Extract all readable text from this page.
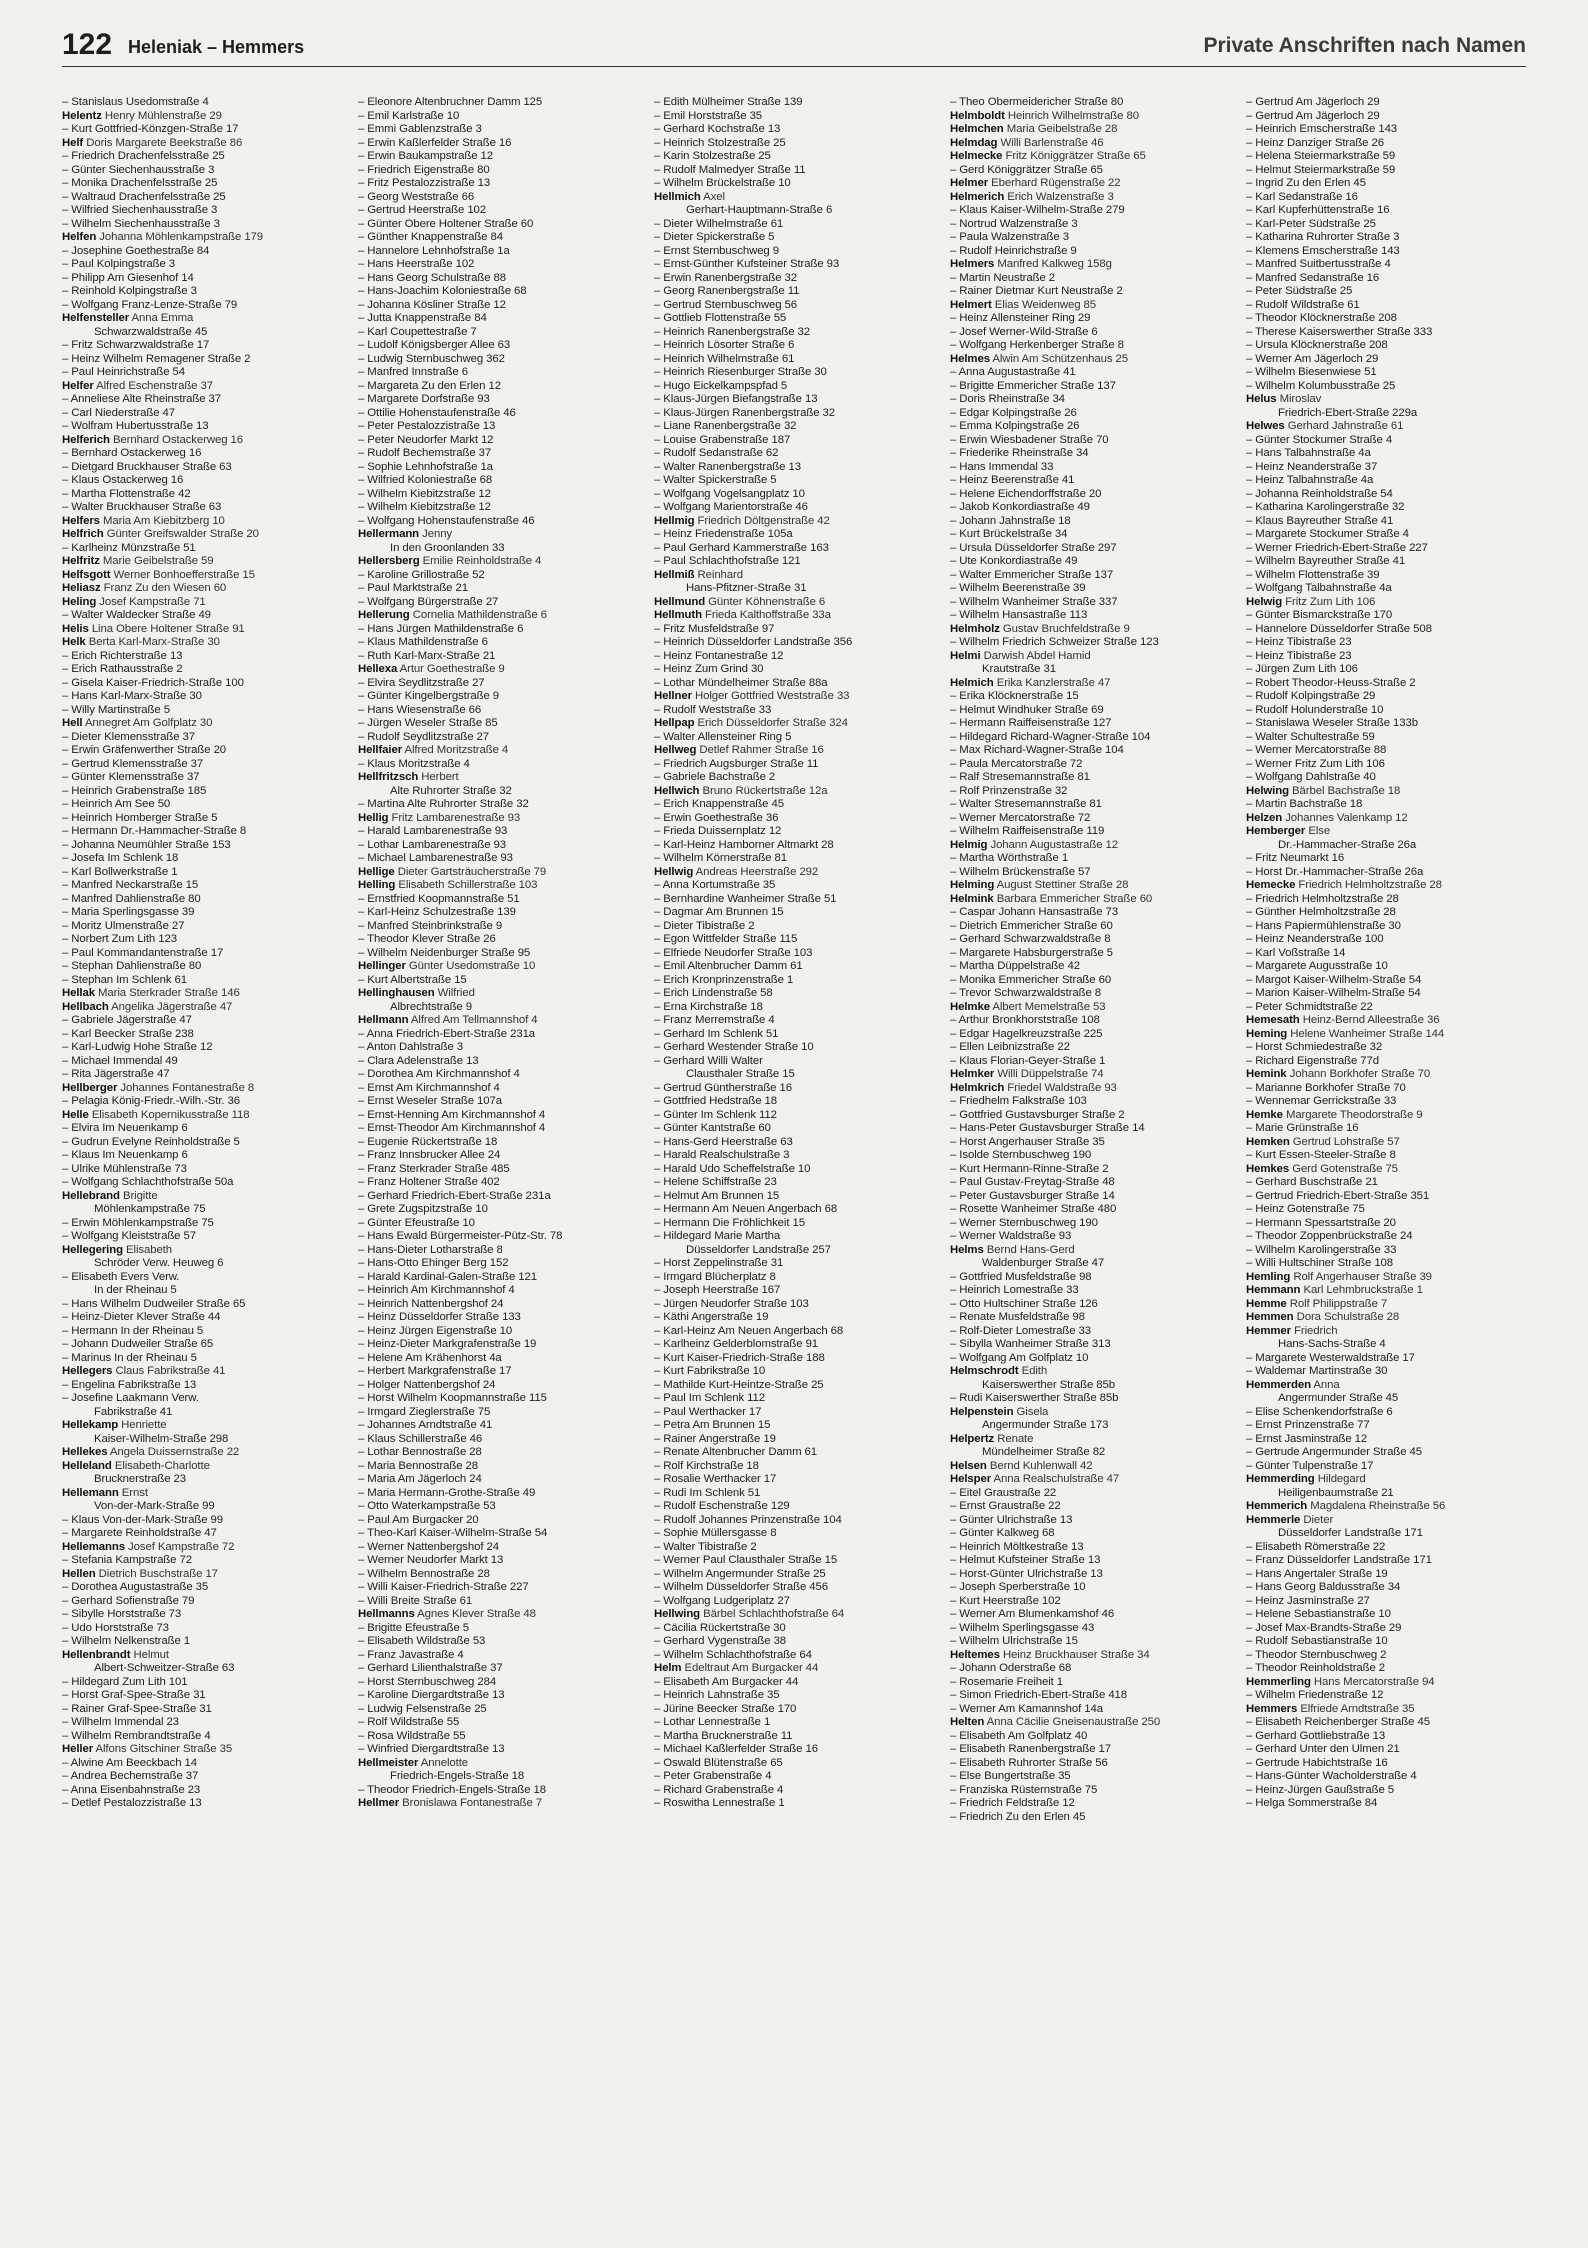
122 Heleniak – Hemmers	Private Anschriften nach Namen
– Stanislaus Usedomstraße 4
Helentz Henry Mühlenstraße 29
– Kurt Gottfried-Könzgen-Straße 17
Helf Doris Margarete Beekstraße 86
– Friedrich Drachenfelsstraße 25
– Günter Siechenhausstraße 3
– Monika Drachenfelsstraße 25
– Waltraud Drachenfelsstraße 25
– Wilfried Siechenhausstraße 3
– Wilhelm Siechenhausstraße 3
Helfen Johanna Möhlenkampstraße 179
– Josephine Goethestraße 84
– Paul Kolpingstraße 3
– Philipp Am Giesenhof 14
– Reinhold Kolpingstraße 3
– Wolfgang Franz-Lenze-Straße 79
Helfensteller Anna Emma
Schwarzwaldstraße 45
– Fritz Schwarzwaldstraße 17
– Heinz Wilhelm Remagener Straße 2
– Paul Heinrichstraße 54
Helfer Alfred Eschenstraße 37
– Anneliese Alte Rheinstraße 37
– Carl Niederstraße 47
– Wolfram Hubertusstraße 13
Helferich Bernhard Ostackerweg 16
– Bernhard Ostackerweg 16
– Dietgard Bruckhauser Straße 63
– Klaus Ostackerweg 16
– Martha Flottenstraße 42
– Walter Bruckhauser Straße 63
Helfers Maria Am Kiebitzberg 10
Helfrich Günter Greifswalder Straße 20
– Karlheinz Münzstraße 51
Helfritz Marie Geibelstraße 59
Helfsgott Werner Bonhoefferstraße 15
Heliasz Franz Zu den Wiesen 60
Heling Josef Kampstraße 71
– Walter Waldecker Straße 49
Helis Lina Obere Holtener Straße 91
Helk Berta Karl-Marx-Straße 30
– Erich Richterstraße 13
– Erich Rathausstraße 2
– Gisela Kaiser-Friedrich-Straße 100
– Hans Karl-Marx-Straße 30
– Willy Martinstraße 5
Hell Annegret Am Golfplatz 30
– Dieter Klemensstraße 37
– Erwin Gräfenwerther Straße 20
– Gertrud Klemensstraße 37
– Günter Klemensstraße 37
– Heinrich Grabenstraße 185
– Heinrich Am See 50
– Heinrich Homberger Straße 5
– Hermann Dr.-Hammacher-Straße 8
– Johanna Neumühler Straße 153
– Josefa Im Schlenk 18
– Karl Bollwerkstraße 1
– Manfred Neckarstraße 15
– Manfred Dahlienstraße 80
– Maria Sperlingsgasse 39
– Moritz Ulmenstraße 27
– Norbert Zum Lith 123
– Paul Kommandantenstraße 17
– Stephan Dahlienstraße 80
– Stephan Im Schlenk 61
Hellak Maria Sterkrader Straße 146
Hellbach Angelika Jägerstraße 47
– Gabriele Jägerstraße 47
– Karl Beecker Straße 238
– Karl-Ludwig Hohe Straße 12
– Michael Immendal 49
– Rita Jägerstraße 47
Hellberger Johannes Fontanestraße 8
– Pelagia König-Friedr.-Wilh.-Str. 36
Helle Elisabeth Kopernikusstraße 118
– Elvira Im Neuenkamp 6
– Gudrun Evelyne Reinholdstraße 5
– Klaus Im Neuenkamp 6
– Ulrike Mühlenstraße 73
– Wolfgang Schlachthofstraße 50a
Hellebrand Brigitte
Möhlenkampstraße 75
– Erwin Möhlenkampstraße 75
– Wolfgang Kleiststraße 57
Hellegering Elisabeth
Schröder Verw. Heuweg 6
– Elisabeth Evers Verw.
In der Rheinau 5
– Hans Wilhelm Dudweiler Straße 65
– Heinz-Dieter Klever Straße 44
– Hermann In der Rheinau 5
– Johann Dudweiler Straße 65
– Marinus In der Rheinau 5
Hellegers Claus Fabrikstraße 41
– Engelina Fabrikstraße 13
– Josefine Laakmann Verw.
Fabrikstraße 41
Hellekamp Henriette
Kaiser-Wilhelm-Straße 298
Hellekes Angela Duissernstraße 22
Helleland Elisabeth-Charlotte
Brucknerstraße 23
Hellemann Ernst
Von-der-Mark-Straße 99
– Klaus Von-der-Mark-Straße 99
– Margarete Reinholdstraße 47
Hellemanns Josef Kampstraße 72
– Stefania Kampstraße 72
Hellen Dietrich Buschstraße 17
– Dorothea Augustastraße 35
– Gerhard Sofienstraße 79
– Sibylle Horststraße 73
– Udo Horststraße 73
– Wilhelm Nelkenstraße 1
Hellenbrandt Helmut
Albert-Schweitzer-Straße 63
– Hildegard Zum Lith 101
– Horst Graf-Spee-Straße 31
– Rainer Graf-Spee-Straße 31
– Wilhelm Immendal 23
– Wilhelm Rembrandtstraße 4
Heller Alfons Gitschiner Straße 35
– Alwine Am Beeckbach 14
– Andrea Bechemstraße 37
– Anna Eisenbahnstraße 23
– Detlef Pestalozzistraße 13
– Eleonore Altenbruchner Damm 125
– Emil Karlstraße 10
– Emmi Gablenzstraße 3
– Erwin Kaßlerfelder Straße 16
– Erwin Baukampstraße 12
– Friedrich Eigenstraße 80
– Fritz Pestalozzistraße 13
– Georg Weststraße 66
– Gertrud Heerstraße 102
– Günter Obere Holtener Straße 60
– Günther Knappenstraße 84
– Hannelore Lehnhofstraße 1a
– Hans Heerstraße 102
– Hans Georg Schulstraße 88
– Hans-Joachim Koloniestraße 68
– Johanna Kösliner Straße 12
– Jutta Knappenstraße 84
– Karl Coupettestraße 7
– Ludolf Königsberger Allee 63
– Ludwig Sternbuschweg 362
– Manfred Innstraße 6
– Margareta Zu den Erlen 12
– Margarete Dorfstraße 93
– Ottilie Hohenstaufenstraße 46
– Peter Pestalozzistraße 13
– Peter Neudorfer Markt 12
– Rudolf Bechemstraße 37
– Sophie Lehnhofstraße 1a
– Wilfried Koloniestraße 68
– Wilhelm Kiebitzstraße 12
– Wilhelm Kiebitzstraße 12
– Wolfgang Hohenstaufenstraße 46
Hellermann Jenny
In den Groonlanden 33
Hellersberg Emilie Reinholdstraße 4
– Karoline Grillostraße 52
– Paul Marktstraße 21
– Wolfgang Bürgerstraße 27
Hellerung Cornelia Mathildenstraße 6
– Hans Jürgen Mathildenstraße 6
– Klaus Mathildenstraße 6
– Ruth Karl-Marx-Straße 21
Hellexa Artur Goethestraße 9
– Elvira Seydlitzstraße 27
– Günter Kingelbergstraße 9
– Hans Wiesenstraße 66
– Jürgen Weseler Straße 85
– Rudolf Seydlitzstraße 27
Hellfaier Alfred Moritzstraße 4
– Klaus Moritzstraße 4
Hellfritzsch Herbert
Alte Ruhrorter Straße 32
– Martina Alte Ruhrorter Straße 32
Hellig Fritz Lambarenestraße 93
– Harald Lambarenestraße 93
– Lothar Lambarenestraße 93
– Michael Lambarenestraße 93
Hellige Dieter Gartsträucherstraße 79
Helling Elisabeth Schillerstraße 103
– Ernstfried Koopmannstraße 51
– Karl-Heinz Schulzestraße 139
– Manfred Steinbrinkstraße 9
– Theodor Klever Straße 26
– Wilhelm Neidenburger Straße 95
Hellinger Günter Usedomstraße 10
– Kurt Albertstraße 15
Hellinghausen Wilfried
Albrechtstraße 9
Hellmann Alfred Am Tellmannshof 4
– Anna Friedrich-Ebert-Straße 231a
– Anton Dahlstraße 3
– Clara Adelenstraße 13
– Dorothea Am Kirchmannshof 4
– Ernst Am Kirchmannshof 4
– Ernst Weseler Straße 107a
– Ernst-Henning Am Kirchmannshof 4
– Ernst-Theodor Am Kirchmannshof 4
– Eugenie Rückertstraße 18
– Franz Innsbrucker Allee 24
– Franz Sterkrader Straße 485
– Franz Holtener Straße 402
– Gerhard Friedrich-Ebert-Straße 231a
– Grete Zugspitzstraße 10
– Günter Efeustraße 10
– Hans Ewald Bürgermeister-Pütz-Str. 78
– Hans-Dieter Lotharstraße 8
– Hans-Otto Ehinger Berg 152
– Harald Kardinal-Galen-Straße 121
– Heinrich Am Kirchmannshof 4
– Heinrich Nattenbergshof 24
– Heinz Düsseldorfer Straße 133
– Heinz Jürgen Eigenstraße 10
– Heinz-Dieter Markgrafenstraße 19
– Helene Am Krähenhorst 4a
– Herbert Markgrafenstraße 17
– Holger Nattenbergshof 24
– Horst Wilhelm Koopmannstraße 115
– Irmgard Zieglerstraße 75
– Johannes Arndtstraße 41
– Klaus Schillerstraße 46
– Lothar Bennostraße 28
– Maria Bennostraße 28
– Maria Am Jägerloch 24
– Maria Hermann-Grothe-Straße 49
– Otto Waterkampstraße 53
– Paul Am Burgacker 20
– Theo-Karl Kaiser-Wilhelm-Straße 54
– Werner Nattenbergshof 24
– Werner Neudorfer Markt 13
– Wilhelm Bennostraße 28
– Willi Kaiser-Friedrich-Straße 227
– Willi Breite Straße 61
Hellmanns Agnes Klever Straße 48
– Brigitte Efeustraße 5
– Elisabeth Wildstraße 53
– Franz Javastraße 4
– Gerhard Lilienthalstraße 37
– Horst Sternbuschweg 284
– Karoline Diergardtstraße 13
– Ludwig Felsenstraße 25
– Rolf Wildstraße 55
– Rosa Wildstraße 55
– Winfried Diergardtstraße 13
Hellmeister Annelotte
Friedrich-Engels-Straße 18
– Theodor Friedrich-Engels-Straße 18
Hellmer Bronislawa Fontanestraße 7
– Edith Mülheimer Straße 139
– Emil Horststraße 35
– Gerhard Kochstraße 13
– Heinrich Stolzestraße 25
– Karin Stolzestraße 25
– Rudolf Malmedyer Straße 11
– Wilhelm Brückelstraße 10
Hellmich Axel
Gerhart-Hauptmann-Straße 6
– Dieter Wilhelmstraße 61
– Dieter Spickerstraße 5
– Ernst Sternbuschweg 9
– Ernst-Günther Kufsteiner Straße 93
– Erwin Ranenbergstraße 32
– Georg Ranenbergstraße 11
– Gertrud Sternbuschweg 56
– Gottlieb Flottenstraße 55
– Heinrich Ranenbergstraße 32
– Heinrich Lösorter Straße 6
– Heinrich Wilhelmstraße 61
– Heinrich Riesenburger Straße 30
– Hugo Eickelkampspfad 5
– Klaus-Jürgen Biefangstraße 13
– Klaus-Jürgen Ranenbergstraße 32
– Liane Ranenbergstraße 32
– Louise Grabenstraße 187
– Rudolf Sedanstraße 62
– Walter Ranenbergstraße 13
– Walter Spickerstraße 5
– Wolfgang Vogelsangplatz 10
– Wolfgang Marientorstraße 46
Hellmig Friedrich Döltgenstraße 42
– Heinz Friedenstraße 105a
– Paul Gerhard Kammerstraße 163
– Paul Schlachthofstraße 121
Hellmiß Reinhard
Hans-Pfitzner-Straße 31
Hellmund Günter Köhnenstraße 6
Hellmuth Frieda Kalthoffstraße 33a
– Fritz Musfeldstraße 97
– Heinrich Düsseldorfer Landstraße 356
– Heinz Fontanestraße 12
– Heinz Zum Grind 30
– Lothar Mündelheimer Straße 88a
Hellner Holger Gottfried Weststraße 33
– Rudolf Weststraße 33
Hellpap Erich Düsseldorfer Straße 324
– Walter Allensteiner Ring 5
Hellweg Detlef Rahmer Straße 16
– Friedrich Augsburger Straße 11
– Gabriele Bachstraße 2
Hellwich Bruno Rückertstraße 12a
– Erich Knappenstraße 45
– Erwin Goethestraße 36
– Frieda Duissernplatz 12
– Karl-Heinz Hamborner Altmarkt 28
– Wilhelm Körnerstraße 81
Hellwig Andreas Heerstraße 292
– Anna Kortumstraße 35
– Bernhardine Wanheimer Straße 51
– Dagmar Am Brunnen 15
– Dieter Tibistraße 2
– Egon Wittfelder Straße 115
– Elfriede Neudorfer Straße 103
– Emil Altenbrucher Damm 61
– Erich Kronprinzenstraße 1
– Erich Lindenstraße 58
– Erna Kirchstraße 18
– Franz Merremstraße 4
– Gerhard Im Schlenk 51
– Gerhard Westender Straße 10
– Gerhard Willi Walter
Clausthaler Straße 15
– Gertrud Güntherstraße 16
– Gottfried Hedstraße 18
– Günter Im Schlenk 112
– Günter Kantstraße 60
– Hans-Gerd Heerstraße 63
– Harald Realschulstraße 3
– Harald Udo Scheffelstraße 10
– Helene Schiffstraße 23
– Helmut Am Brunnen 15
– Hermann Am Neuen Angerbach 68
– Hermann Die Fröhlichkeit 15
– Hildegard Marie Martha
Düsseldorfer Landstraße 257
– Horst Zeppelinstraße 31
– Irmgard Blücherplatz 8
– Joseph Heerstraße 167
– Jürgen Neudorfer Straße 103
– Käthi Angerstraße 19
– Karl-Heinz Am Neuen Angerbach 68
– Karlheinz Gelderblomstraße 91
– Kurt Kaiser-Friedrich-Straße 188
– Kurt Fabrikstraße 10
– Mathilde Kurt-Heintze-Straße 25
– Paul Im Schlenk 112
– Paul Werthacker 17
– Petra Am Brunnen 15
– Rainer Angerstraße 19
– Renate Altenbrucher Damm 61
– Rolf Kirchstraße 18
– Rosalie Werthacker 17
– Rudi Im Schlenk 51
– Rudolf Eschenstraße 129
– Rudolf Johannes Prinzenstraße 104
– Sophie Müllersgasse 8
– Walter Tibistraße 2
– Werner Paul Clausthaler Straße 15
– Wilhelm Angermunder Straße 25
– Wilhelm Düsseldorfer Straße 456
– Wolfgang Ludgeriplatz 27
Hellwing Bärbel Schlachthofstraße 64
– Cäcilia Rückertstraße 30
– Gerhard Vygenstraße 38
– Wilhelm Schlachthofstraße 64
Helm Edeltraut Am Burgacker 44
– Elisabeth Am Burgacker 44
– Heinrich Lahnstraße 35
– Jürine Beecker Straße 170
– Lothar Lennestraße 1
– Martha Brucknerstraße 11
– Michael Kaßlerfelder Straße 16
– Oswald Blütenstraße 65
– Peter Grabenstraße 4
– Richard Grabenstraße 4
– Roswitha Lennestraße 1
– Theo Obermeidericher Straße 80
Helmboldt Heinrich Wilhelmstraße 80
Helmchen Maria Geibelstraße 28
Helmdag Willi Barlenstraße 46
Helmecke Fritz Königgrätzer Straße 65
– Gerd Königgrätzer Straße 65
Helmer Eberhard Rügenstraße 22
Helmerich Erich Walzenstraße 3
– Klaus Kaiser-Wilhelm-Straße 279
– Nortrud Walzenstraße 3
– Paula Walzenstraße 3
– Rudolf Heinrichstraße 9
Helmers Manfred Kalkweg 158g
– Martin Neustraße 2
– Rainer Dietmar Kurt Neustraße 2
Helmert Elias Weidenweg 85
– Heinz Allensteiner Ring 29
– Josef Werner-Wild-Straße 6
– Wolfgang Herkenberger Straße 8
Helmes Alwin Am Schützenhaus 25
– Anna Augustastraße 41
– Brigitte Emmericher Straße 137
– Doris Rheinstraße 34
– Edgar Kolpingstraße 26
– Emma Kolpingstraße 26
– Erwin Wiesbadener Straße 70
– Friederike Rheinstraße 34
– Hans Immendal 33
– Heinz Beerenstraße 41
– Helene Eichendorffstraße 20
– Jakob Konkordiastraße 49
– Johann Jahnstraße 18
– Kurt Brückelstraße 34
– Ursula Düsseldorfer Straße 297
– Ute Konkordiastraße 49
– Walter Emmericher Straße 137
– Wilhelm Beerenstraße 39
– Wilhelm Wanheimer Straße 337
– Wilhelm Hansastraße 113
Helmholz Gustav Bruchfeldstraße 9
– Wilhelm Friedrich Schweizer Straße 123
Helmi Darwish Abdel Hamid
Krautstraße 31
Helmich Erika Kanzlerstraße 47
– Erika Klöcknerstraße 15
– Helmut Windhuker Straße 69
– Hermann Raiffeisenstraße 127
– Hildegard Richard-Wagner-Straße 104
– Max Richard-Wagner-Straße 104
– Paula Mercatorstraße 72
– Ralf Stresemannstraße 81
– Rolf Prinzenstraße 32
– Walter Stresemannstraße 81
– Werner Mercatorstraße 72
– Wilhelm Raiffeisenstraße 119
Helmig Johann Augustastraße 12
– Martha Wörthstraße 1
– Wilhelm Brückenstraße 57
Helming August Stettiner Straße 28
Helmink Barbara Emmericher Straße 60
– Caspar Johann Hansastraße 73
– Dietrich Emmericher Straße 60
– Gerhard Schwarzwaldstraße 8
– Margarete Habsburgerstraße 5
– Martha Düppelstraße 42
– Monika Emmericher Straße 60
– Trevor Schwarzwaldstraße 8
Helmke Albert Memelstraße 53
– Arthur Bronkhorststraße 108
– Edgar Hagelkreuzstraße 225
– Ellen Leibnizstraße 22
– Klaus Florian-Geyer-Straße 1
Helmker Willi Düppelstraße 74
Helmkrich Friedel Waldstraße 93
– Friedhelm Falkstraße 103
– Gottfried Gustavsburger Straße 2
– Hans-Peter Gustavsburger Straße 14
– Horst Angerhauser Straße 35
– Isolde Sternbuschweg 190
– Kurt Hermann-Rinne-Straße 2
– Paul Gustav-Freytag-Straße 48
– Peter Gustavsburger Straße 14
– Rosette Wanheimer Straße 480
– Werner Sternbuschweg 190
– Werner Waldstraße 93
Helms Bernd Hans-Gerd
Waldenburger Straße 47
– Gottfried Musfeldstraße 98
– Heinrich Lomestraße 33
– Otto Hultschiner Straße 126
– Renate Musfeldstraße 98
– Rolf-Dieter Lomestraße 33
– Sibylla Wanheimer Straße 313
– Wolfgang Am Golfplatz 10
Helmschrodt Edith
Kaiserswerther Straße 85b
– Rudi Kaiserswerther Straße 85b
Helpenstein Gisela
Angermunder Straße 173
Helpertz Renate
Mündelheimer Straße 82
Helsen Bernd Kuhlenwall 42
Helsper Anna Realschulstraße 47
– Eitel Graustraße 22
– Ernst Graustraße 22
– Günter Ulrichstraße 13
– Günter Kalkweg 68
– Heinrich Möltkestraße 13
– Helmut Kufsteiner Straße 13
– Horst-Günter Ulrichstraße 13
– Joseph Sperberstraße 10
– Kurt Heerstraße 102
– Werner Am Blumenkamshof 46
– Wilhelm Sperlingsgasse 43
– Wilhelm Ulrichstraße 15
Heltemes Heinz Bruckhauser Straße 34
– Johann Oderstraße 68
– Rosemarie Freiheit 1
– Simon Friedrich-Ebert-Straße 418
– Werner Am Kamannshof 14a
Helten Anna Cäcilie Gneisenaustraße 250
– Elisabeth Am Golfplatz 40
– Elisabeth Ranenbergstraße 17
– Elisabeth Ruhrorter Straße 56
– Else Bungertstraße 35
– Franziska Rüsternstraße 75
– Friedrich Feldstraße 12
– Friedrich Zu den Erlen 45
– Gertrud Am Jägerloch 29
– Gertrud Am Jägerloch 29
– Heinrich Emscherstraße 143
– Heinz Danziger Straße 26
– Helena Steiermarkstraße 59
– Helmut Steiermarkstraße 59
– Ingrid Zu den Erlen 45
– Karl Sedanstraße 16
– Karl Kupferhüttenstraße 16
– Karl-Peter Südstraße 25
– Katharina Ruhrorter Straße 3
– Klemens Emscherstraße 143
– Manfred Suitbertusstraße 4
– Manfred Sedanstraße 16
– Peter Südstraße 25
– Rudolf Wildstraße 61
– Theodor Klöcknerstraße 208
– Therese Kaiserswerther Straße 333
– Ursula Klöcknerstraße 208
– Werner Am Jägerloch 29
– Wilhelm Biesenwiese 51
– Wilhelm Kolumbusstraße 25
Helus Miroslav
Friedrich-Ebert-Straße 229a
Helwes Gerhard Jahnstraße 61
– Günter Stockumer Straße 4
– Hans Talbahnstraße 4a
– Heinz Neanderstraße 37
– Heinz Talbahnstraße 4a
– Johanna Reinholdstraße 54
– Katharina Karolingerstraße 32
– Klaus Bayreuther Straße 41
– Margarete Stockumer Straße 4
– Werner Friedrich-Ebert-Straße 227
– Wilhelm Bayreuther Straße 41
– Wilhelm Flottenstraße 39
– Wolfgang Talbahnstraße 4a
Helwig Fritz Zum Lith 106
– Günter Bismarckstraße 170
– Hannelore Düsseldorfer Straße 508
– Heinz Tibistraße 23
– Heinz Tibistraße 23
– Jürgen Zum Lith 106
– Robert Theodor-Heuss-Straße 2
– Rudolf Kolpingstraße 29
– Rudolf Holunderstraße 10
– Stanislawa Weseler Straße 133b
– Walter Schultestraße 59
– Werner Mercatorstraße 88
– Werner Fritz Zum Lith 106
– Wolfgang Dahlstraße 40
Helwing Bärbel Bachstraße 18
– Martin Bachstraße 18
Helzen Johannes Valenkamp 12
Hemberger Else
Dr.-Hammacher-Straße 26a
– Fritz Neumarkt 16
– Horst Dr.-Hammacher-Straße 26a
Hemecke Friedrich Helmholtzstraße 28
– Friedrich Helmholtzstraße 28
– Günther Helmholtzstraße 28
– Hans Papiermühlenstraße 30
– Heinz Neanderstraße 100
– Karl Voßstraße 14
– Margarete Augusstraße 10
– Margot Kaiser-Wilhelm-Straße 54
– Marion Kaiser-Wilhelm-Straße 54
– Peter Schmidtstraße 22
Hemesath Heinz-Bernd Alleestraße 36
Heming Helene Wanheimer Straße 144
– Horst Schmiedestraße 32
– Richard Eigenstraße 77d
Hemink Johann Borkhofer Straße 70
– Marianne Borkhofer Straße 70
– Wennemar Gerrickstraße 33
Hemke Margarete Theodorstraße 9
– Marie Grünstraße 16
Hemken Gertrud Lohstraße 57
– Kurt Essen-Steeler-Straße 8
Hemkes Gerd Gotenstraße 75
– Gerhard Buschstraße 21
– Gertrud Friedrich-Ebert-Straße 351
– Heinz Gotenstraße 75
– Hermann Spessartstraße 20
– Theodor Zoppenbrückstraße 24
– Wilhelm Karolingerstraße 33
– Willi Hultschiner Straße 108
Hemling Rolf Angerhauser Straße 39
Hemmann Karl Lehmbruckstraße 1
Hemme Rolf Philippstraße 7
Hemmen Dora Schulstraße 28
Hemmer Friedrich
Hans-Sachs-Straße 4
– Margarete Westerwaldstraße 17
– Waldemar Martinstraße 30
Hemmerden Anna
Angermunder Straße 45
– Elise Schenkendorfstraße 6
– Ernst Prinzenstraße 77
– Ernst Jasminstraße 12
– Gertrude Angermunder Straße 45
– Günter Tulpenstraße 17
Hemmerding Hildegard
Heiligenbaumstraße 21
Hemmerich Magdalena Rheinstraße 56
Hemmerle Dieter
Düsseldorfer Landstraße 171
– Elisabeth Römerstraße 22
– Franz Düsseldorfer Landstraße 171
– Hans Angertaler Straße 19
– Hans Georg Baldusstraße 34
– Heinz Jasminstraße 27
– Helene Sebastianstraße 10
– Josef Max-Brandts-Straße 29
– Rudolf Sebastianstraße 10
– Theodor Sternbuschweg 2
– Theodor Reinholdstraße 2
Hemmerling Hans Mercatorstraße 94
– Wilhelm Friedenstraße 12
Hemmers Elfriede Arndtstraße 35
– Elisabeth Reichenberger Straße 45
– Gerhard Gottliebstraße 13
– Gerhard Unter den Ulmen 21
– Gertrude Habichtstraße 16
– Hans-Günter Wacholderstraße 4
– Heinz-Jürgen Gaußstraße 5
– Helga Sommerstraße 84
